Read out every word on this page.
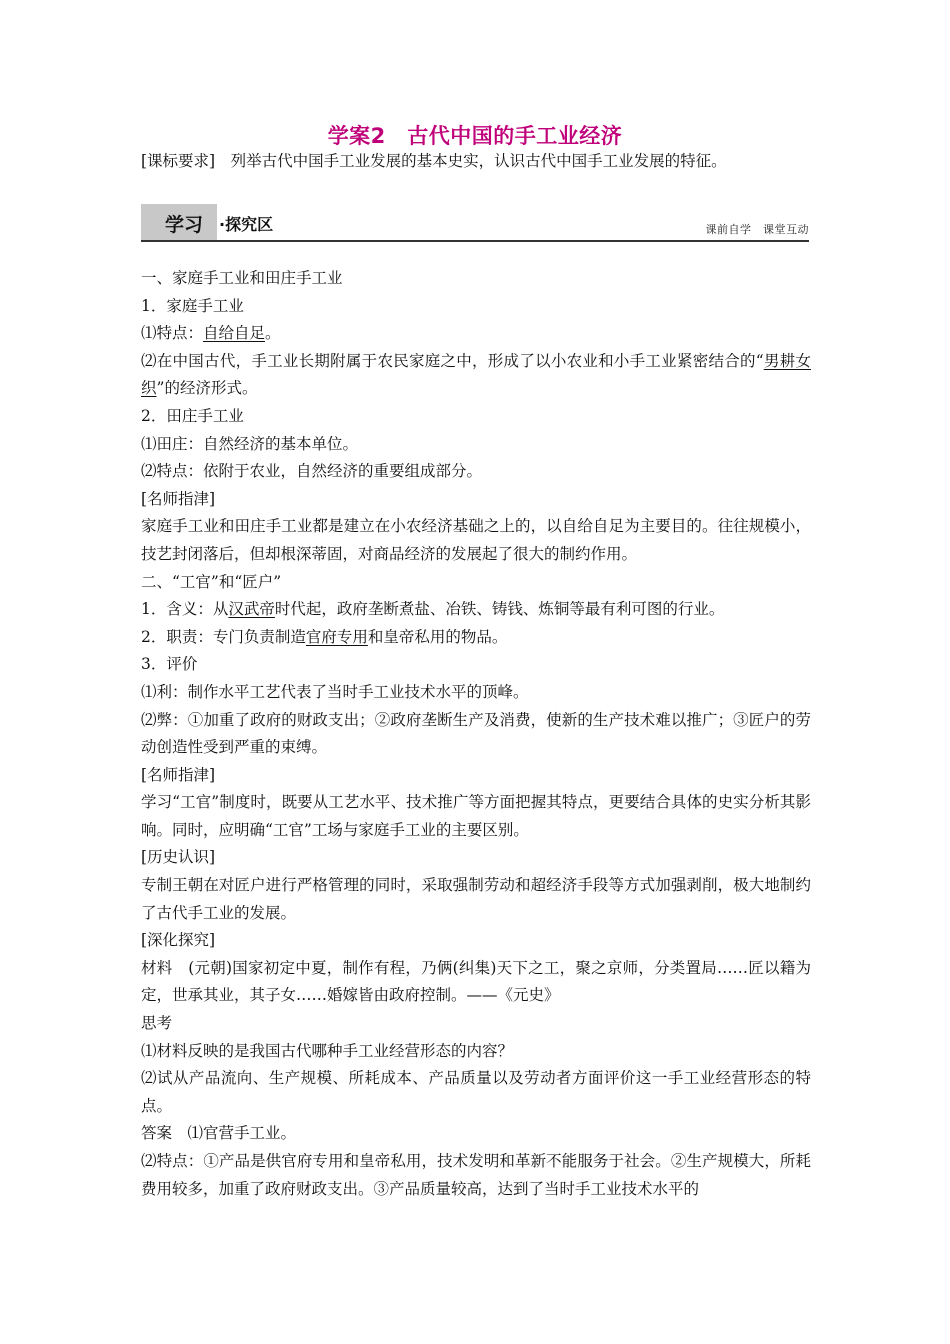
学案2　古代中国的手工业经济
[课标要求]　列举古代中国手工业发展的基本史实，认识古代中国手工业发展的特征。
学习 ·探究区	课前自学　课堂互动
一、家庭手工业和田庄手工业
1．家庭手工业
⑴特点：自给自足。
⑵在中国古代，手工业长期附属于农民家庭之中，形成了以小农业和小手工业紧密结合的“男耕女织”的经济形式。
2．田庄手工业
⑴田庄：自然经济的基本单位。
⑵特点：依附于农业，自然经济的重要组成部分。
[名师指津]
家庭手工业和田庄手工业都是建立在小农经济基础之上的，以自给自足为主要目的。往往规模小，技艺封闭落后，但却根深蒂固，对商品经济的发展起了很大的制约作用。
二、“工官”和“匠户”
1．含义：从汉武帝时代起，政府垄断煮盐、冶铁、铸钱、炼铜等最有利可图的行业。
2．职责：专门负责制造官府专用和皇帝私用的物品。
3．评价
⑴利：制作水平工艺代表了当时手工业技术水平的顶峰。
⑵弊：①加重了政府的财政支出；②政府垄断生产及消费，使新的生产技术难以推广；③匠户的劳动创造性受到严重的束缚。
[名师指津]
学习“工官”制度时，既要从工艺水平、技术推广等方面把握其特点，更要结合具体的史实分析其影响。同时，应明确“工官”工场与家庭手工业的主要区别。
[历史认识]
专制王朝在对匠户进行严格管理的同时，采取强制劳动和超经济手段等方式加强剥削，极大地制约了古代手工业的发展。
[深化探究]
材料　(元朝)国家初定中夏，制作有程，乃俩(纠集)天下之工，聚之京师，分类置局……匠以籍为定，世承其业，其子女……婚嫁皆由政府控制。——《元史》
思考
⑴材料反映的是我国古代哪种手工业经营形态的内容？
⑵试从产品流向、生产规模、所耗成本、产品质量以及劳动者方面评价这一手工业经营形态的特点。
答案　⑴官营手工业。
⑵特点：①产品是供官府专用和皇帝私用，技术发明和革新不能服务于社会。②生产规模大，所耗费用较多，加重了政府财政支出。③产品质量较高，达到了当时手工业技术水平的
